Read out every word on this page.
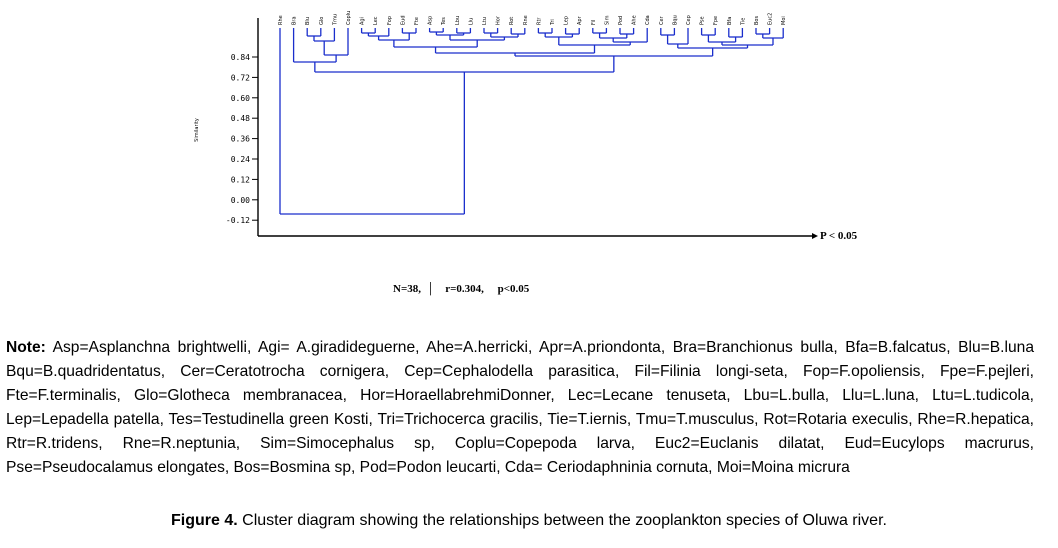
P < 0.05
0.84
0.72
0.60
0.48
0.36
0.24
0.12
0.00
-0.12
Similarity
Rhe Bra Blu Glo Tmu Coplu Agi Lec Fop Eud Fte Asp Tes Lbu Llu Ltu Hor Rot Rne Rtr Tri Lep Apr Fil Sim Pod Ahe Cda Cer Bqu Cep Pse Fpe Bfa Tie Bos Euc2 Moi
N=38, │ r=0.304, p<0.05
Note: Asp=Asplanchna brightwelli, Agi= A.giradideguerne, Ahe=A.herricki, Apr=A.priondonta, Bra=Branchionus bulla, Bfa=B.falcatus, Blu=B.luna Bqu=B.quadridentatus, Cer=Ceratotrocha cornigera, Cep=Cephalodella parasitica, Fil=Filinia longi-seta, Fop=F.opoliensis, Fpe=F.pejleri, Fte=F.terminalis, Glo=Glotheca membranacea, Hor=HoraellabrehmiDonner, Lec=Lecane tenuseta, Lbu=L.bulla, Llu=L.luna, Ltu=L.tudicola, Lep=Lepadella patella, Tes=Testudinella green Kosti, Tri=Trichocerca gracilis, Tie=T.iernis, Tmu=T.musculus, Rot=Rotaria execulis, Rhe=R.hepatica, Rtr=R.tridens, Rne=R.neptunia, Sim=Simocephalus sp, Coplu=Copepoda larva, Euc2=Euclanis dilatat, Eud=Eucylops macrurus, Pse=Pseudocalamus elongates, Bos=Bosmina sp, Pod=Podon leucarti, Cda= Ceriodaphninia cornuta, Moi=Moina micrura
Figure 4. Cluster diagram showing the relationships between the zooplankton species of Oluwa river.
